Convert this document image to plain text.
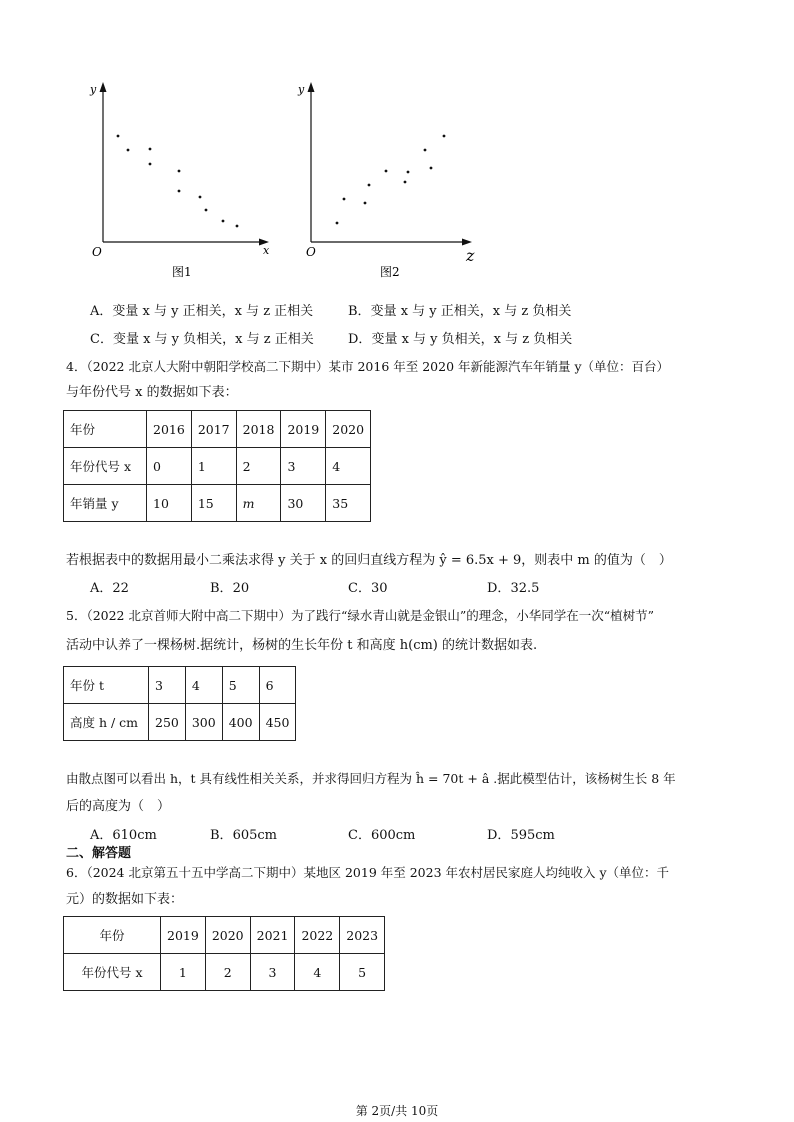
y
x
O
图1
y
z
O
图2
A．变量 x 与 y 正相关，x 与 z 正相关	B．变量 x 与 y 正相关，x 与 z 负相关
C．变量 x 与 y 负相关，x 与 z 正相关	D．变量 x 与 y 负相关，x 与 z 负相关
4．（2022 北京人大附中朝阳学校高二下期中）某市 2016 年至 2020 年新能源汽车年销量 y（单位：百台）
与年份代号 x 的数据如下表：
年份	2016	2017	2018	2019	2020
年份代号 x	0	1	2	3	4
年销量 y	10	15	m	30	35
若根据表中的数据用最小二乘法求得 y 关于 x 的回归直线方程为 ŷ = 6.5x + 9，则表中 m 的值为（　）
A．22	B．20	C．30	D．32.5
5．（2022 北京首师大附中高二下期中）为了践行“绿水青山就是金银山”的理念，小华同学在一次“植树节”
活动中认养了一棵杨树.据统计，杨树的生长年份 t 和高度 h(cm) 的统计数据如表.
年份 t	3	4	5	6
高度 h / cm	250	300	400	450
由散点图可以看出 h，t 具有线性相关关系，并求得回归方程为 ĥ = 70t + â .据此模型估计，该杨树生长 8 年
后的高度为（　）
A．610cm	B．605cm	C．600cm	D．595cm
二、解答题
6．（2024 北京第五十五中学高二下期中）某地区 2019 年至 2023 年农村居民家庭人均纯收入 y（单位：千
元）的数据如下表：
年份	2019	2020	2021	2022	2023
年份代号 x	1	2	3	4	5
第 2页/共 10页
